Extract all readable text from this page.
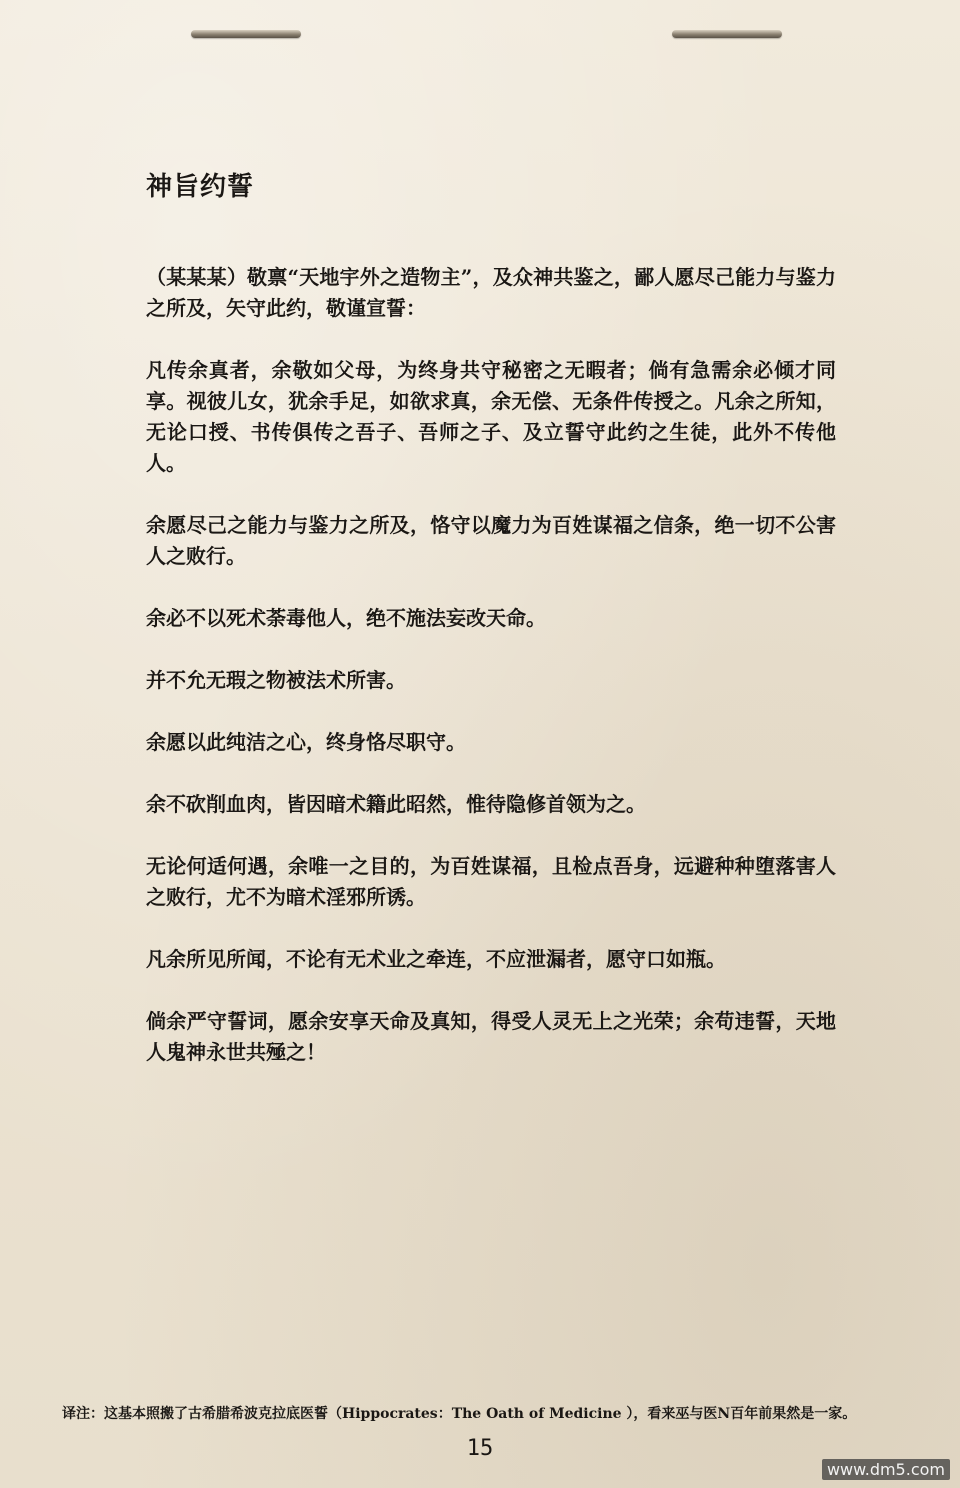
神旨约誓

（某某某）敬禀“天地宇外之造物主”，及众神共鉴之，鄙人愿尽己能力与鉴力之所及，矢守此约，敬谨宣誓：

凡传余真者，余敬如父母，为终身共守秘密之无暇者；倘有急需余必倾才同享。视彼儿女，犹余手足，如欲求真，余无偿、无条件传授之。凡余之所知，无论口授、书传俱传之吾子、吾师之子、及立誓守此约之生徒，此外不传他人。

余愿尽己之能力与鉴力之所及，恪守以魔力为百姓谋福之信条，绝一切不公害人之败行。

余必不以死术荼毒他人，绝不施法妄改天命。

并不允无瑕之物被法术所害。

余愿以此纯洁之心，终身恪尽职守。

余不砍削血肉，皆因暗术籍此昭然，惟待隐修首领为之。

无论何适何遇，余唯一之目的，为百姓谋福，且检点吾身，远避种种堕落害人之败行，尤不为暗术淫邪所诱。

凡余所见所闻，不论有无术业之牵连，不应泄漏者，愿守口如瓶。

倘余严守誓词，愿余安享天命及真知，得受人灵无上之光荣；余苟违誓，天地人鬼神永世共殛之！

译注：这基本照搬了古希腊希波克拉底医誓（Hippocrates：The Oath of Medicine ），看来巫与医N百年前果然是一家。
15
www.dm5.com
